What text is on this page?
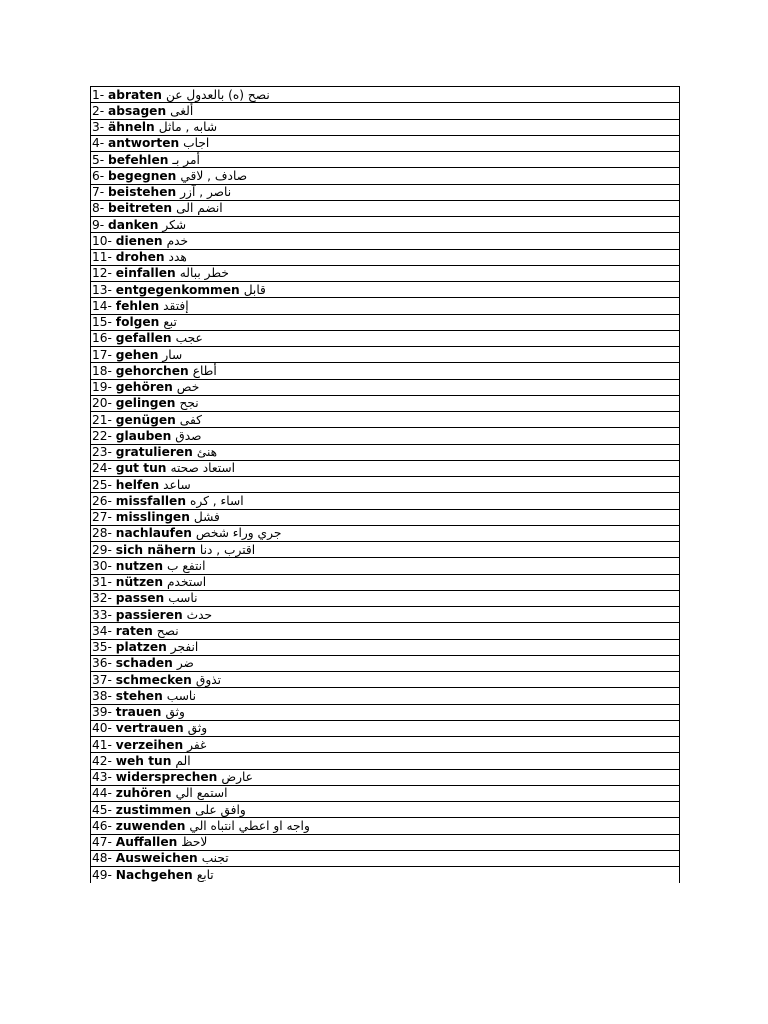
1-
abraten نصح (ه) بالعدول عن
2-
absagen ألغى
3-
ähneln شابه , ماثل
4-
antworten اجاب
5-
befehlen أمر بـ
6-
begegnen صادف , لاقي
7-
beistehen ناصر , آزر
8-
beitreten انضم الى
9-
danken شكر
10-
dienen خدم
11-
drohen هدد
12-
einfallen خطر بباله
13-
entgegenkommen قابل
14-
fehlen إفتقد
15-
folgen تبع
16-
gefallen عجب
17-
gehen سار
18-
gehorchen أطاع
19-
gehören خص
20-
gelingen نجح
21-
genügen كفى
22-
glauben صدق
23-
gratulieren هنئ
24-
gut tun استعاد صحته
25-
helfen ساعد
26-
missfallen اساء , كره
27-
misslingen فشل
28-
nachlaufen جري وراء شخص
29-
sich nähern اقترب , دنا
30-
nutzen انتفع ب
31-
nützen استخدم
32-
passen ناسب
33-
passieren حدث
34-
raten نصح
35-
platzen انفجر
36-
schaden ضر
37-
schmecken تذوق
38-
stehen ناسب
39-
trauen وثق
40-
vertrauen وثق
41-
verzeihen غفر
42-
weh tun الم
43-
widersprechen عارض
44-
zuhören استمع الي
45-
zustimmen وافق على
46-
zuwenden واجه او اعطي انتباه الي
47-
Auffallen لاحظ
48-
Ausweichen تجنب
49-
Nachgehen تابع
